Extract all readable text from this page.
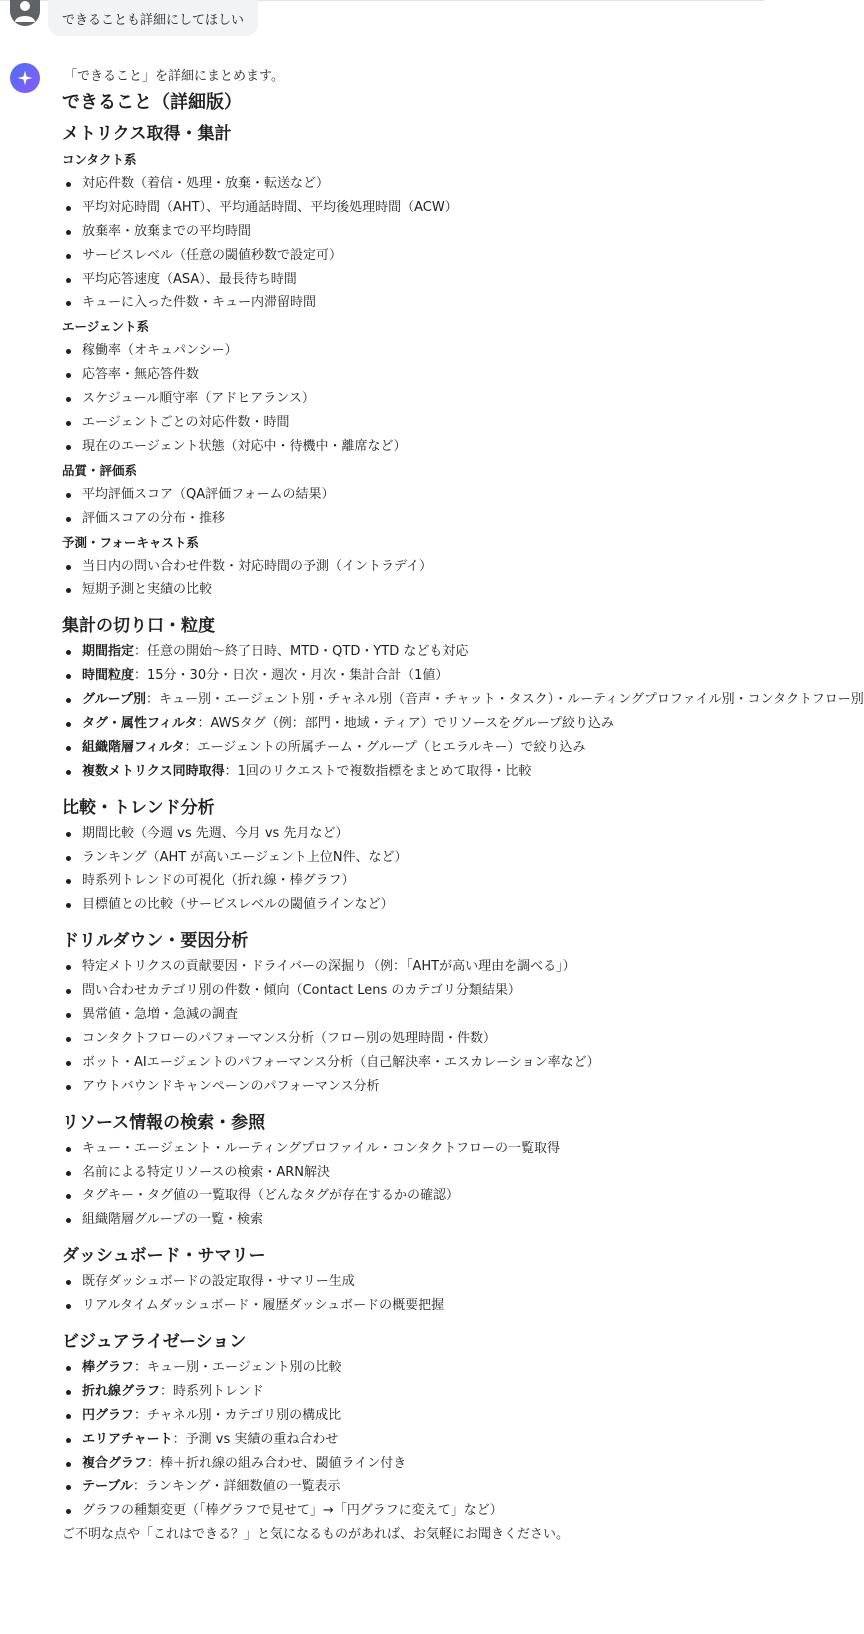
できることも詳細にしてほしい
「できること」を詳細にまとめます。
できること（詳細版）
メトリクス取得・集計
コンタクト系
対応件数（着信・処理・放棄・転送など）
平均対応時間（AHT）、平均通話時間、平均後処理時間（ACW）
放棄率・放棄までの平均時間
サービスレベル（任意の閾値秒数で設定可）
平均応答速度（ASA）、最長待ち時間
キューに入った件数・キュー内滞留時間
エージェント系
稼働率（オキュパンシー）
応答率・無応答件数
スケジュール順守率（アドヒアランス）
エージェントごとの対応件数・時間
現在のエージェント状態（対応中・待機中・離席など）
品質・評価系
平均評価スコア（QA評価フォームの結果）
評価スコアの分布・推移
予測・フォーキャスト系
当日内の問い合わせ件数・対応時間の予測（イントラデイ）
短期予測と実績の比較
集計の切り口・粒度
期間指定：任意の開始〜終了日時、MTD・QTD・YTD なども対応
時間粒度：15分・30分・日次・週次・月次・集計合計（1値）
グループ別：キュー別・エージェント別・チャネル別（音声・チャット・タスク）・ルーティングプロファイル別・コンタクトフロー別
タグ・属性フィルタ：AWSタグ（例：部門・地域・ティア）でリソースをグループ絞り込み
組織階層フィルタ：エージェントの所属チーム・グループ（ヒエラルキー）で絞り込み
複数メトリクス同時取得：1回のリクエストで複数指標をまとめて取得・比較
比較・トレンド分析
期間比較（今週 vs 先週、今月 vs 先月など）
ランキング（AHT が高いエージェント上位N件、など）
時系列トレンドの可視化（折れ線・棒グラフ）
目標値との比較（サービスレベルの閾値ラインなど）
ドリルダウン・要因分析
特定メトリクスの貢献要因・ドライバーの深掘り（例：「AHTが高い理由を調べる」）
問い合わせカテゴリ別の件数・傾向（Contact Lens のカテゴリ分類結果）
異常値・急増・急減の調査
コンタクトフローのパフォーマンス分析（フロー別の処理時間・件数）
ボット・AIエージェントのパフォーマンス分析（自己解決率・エスカレーション率など）
アウトバウンドキャンペーンのパフォーマンス分析
リソース情報の検索・参照
キュー・エージェント・ルーティングプロファイル・コンタクトフローの一覧取得
名前による特定リソースの検索・ARN解決
タグキー・タグ値の一覧取得（どんなタグが存在するかの確認）
組織階層グループの一覧・検索
ダッシュボード・サマリー
既存ダッシュボードの設定取得・サマリー生成
リアルタイムダッシュボード・履歴ダッシュボードの概要把握
ビジュアライゼーション
棒グラフ：キュー別・エージェント別の比較
折れ線グラフ：時系列トレンド
円グラフ：チャネル別・カテゴリ別の構成比
エリアチャート：予測 vs 実績の重ね合わせ
複合グラフ：棒＋折れ線の組み合わせ、閾値ライン付き
テーブル：ランキング・詳細数値の一覧表示
グラフの種類変更（「棒グラフで見せて」→「円グラフに変えて」など）
ご不明な点や「これはできる？」と気になるものがあれば、お気軽にお聞きください。
